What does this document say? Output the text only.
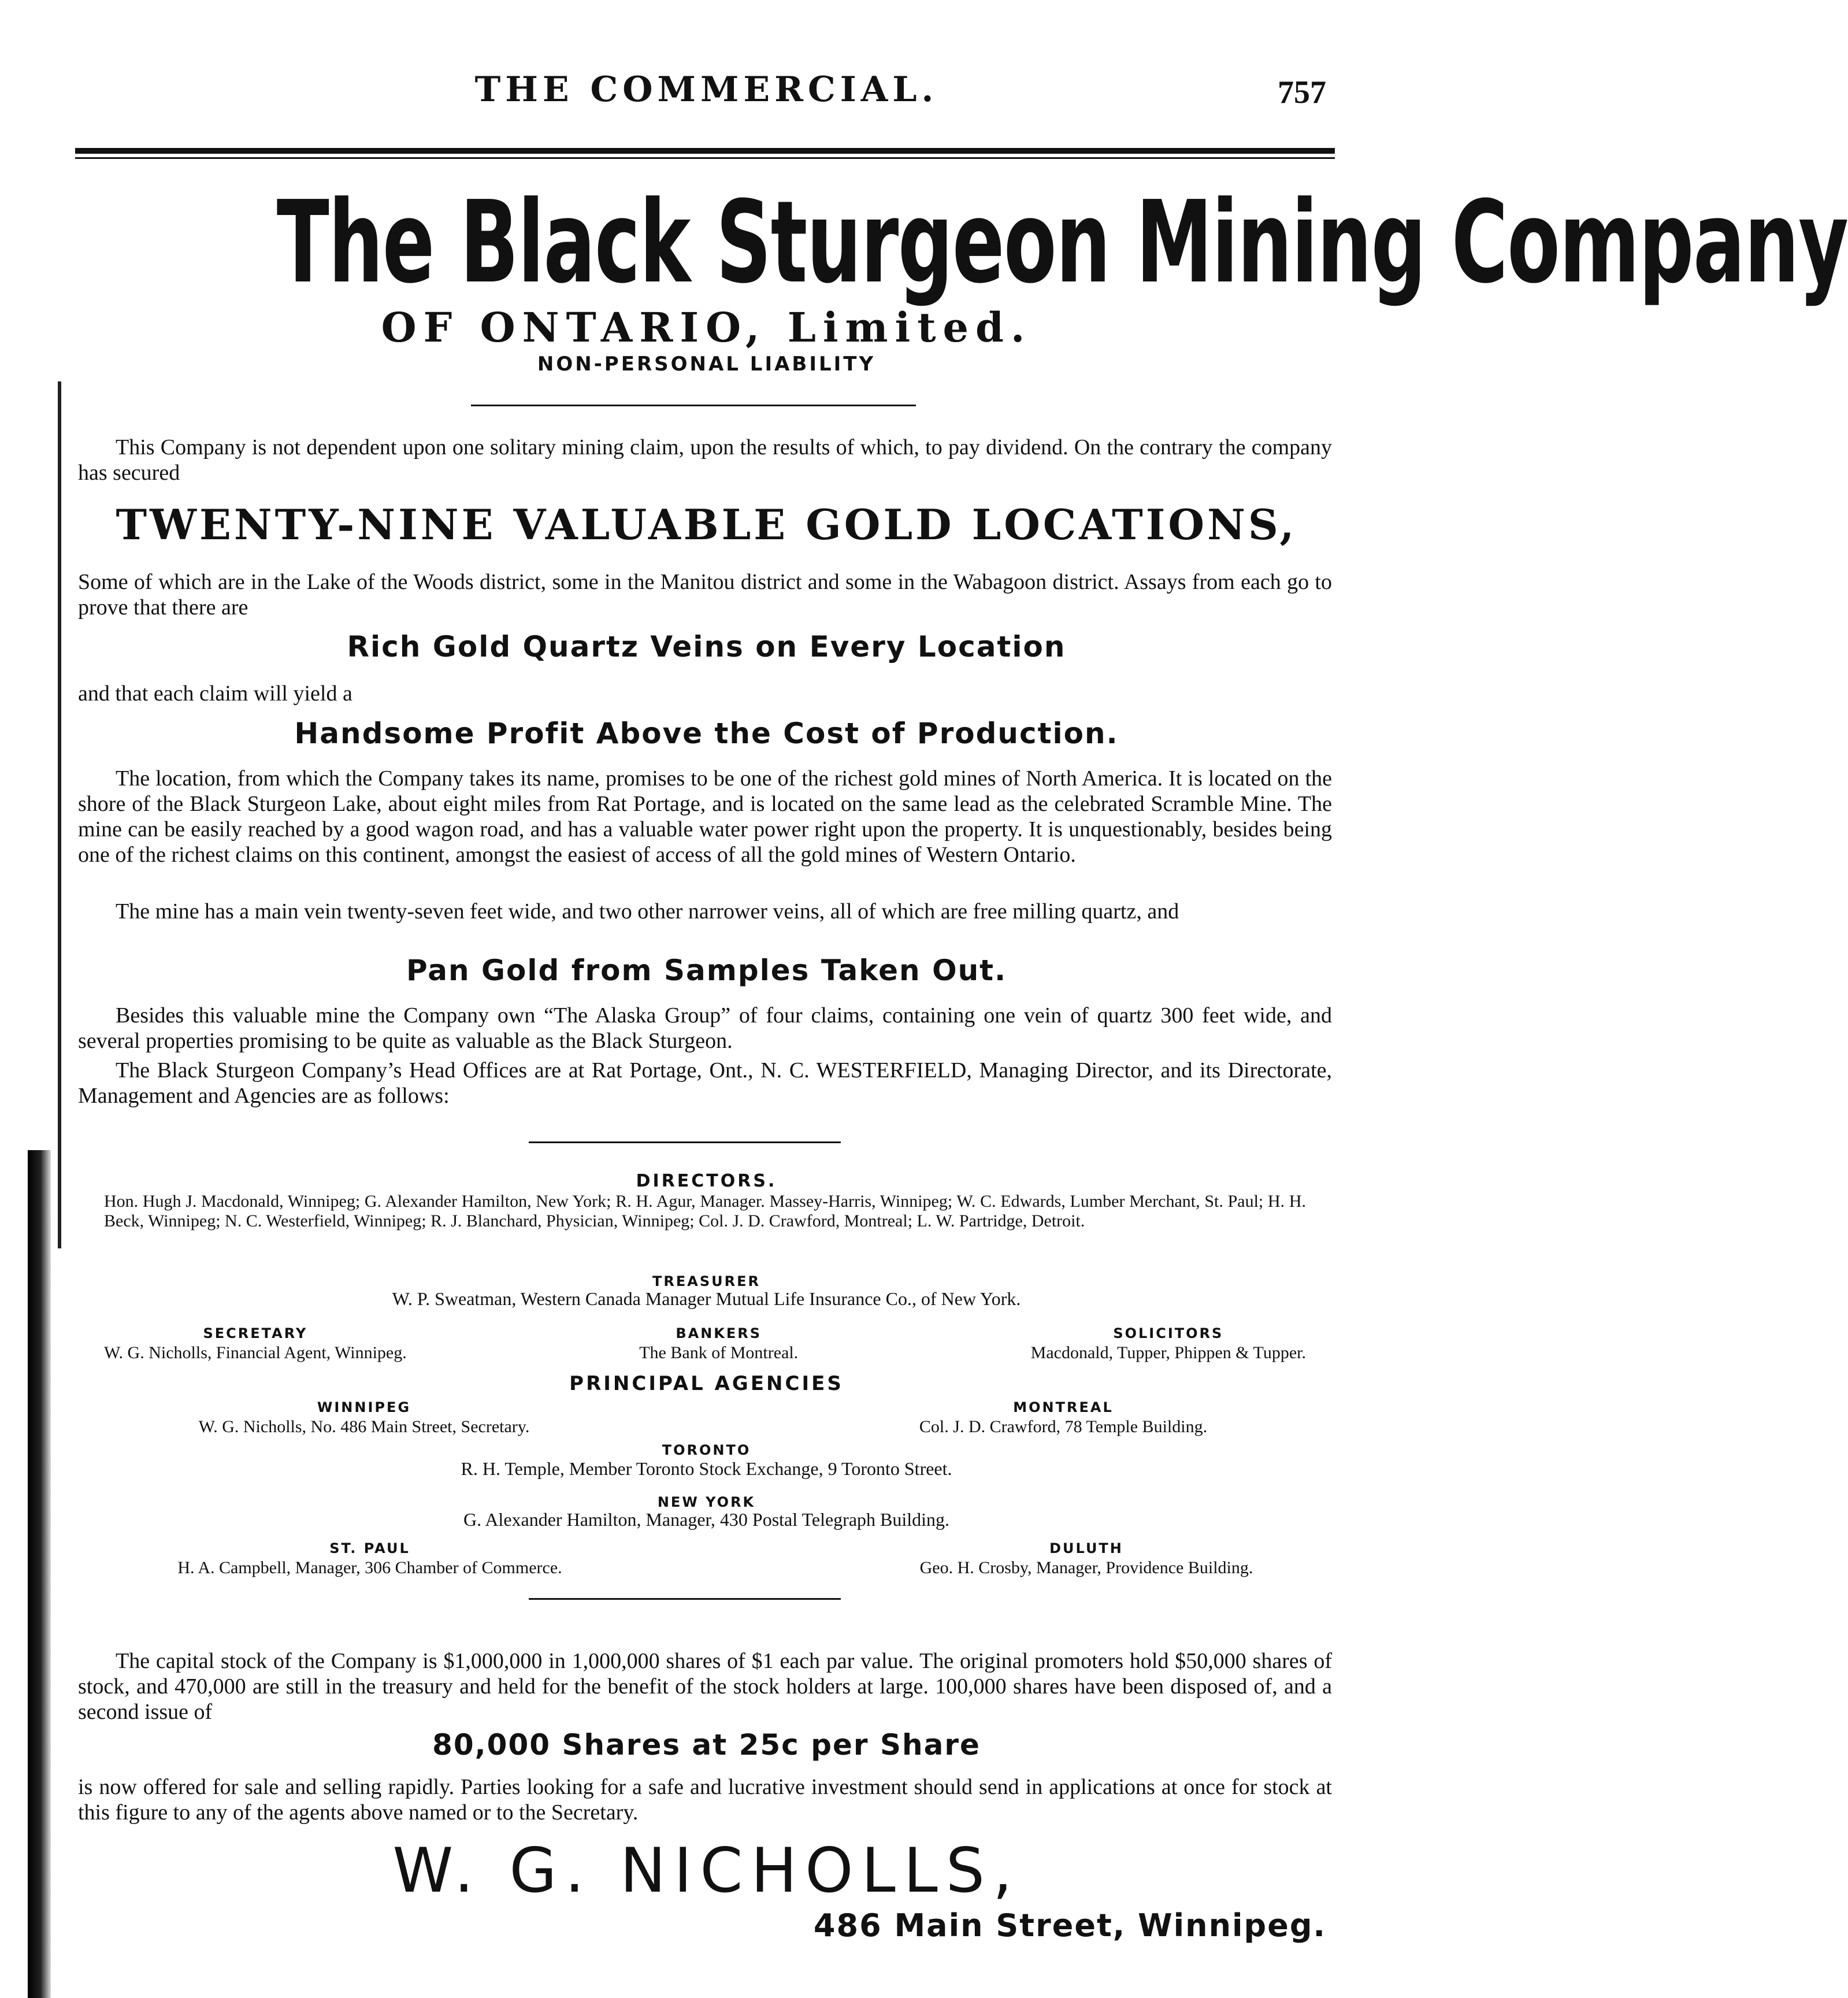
THE COMMERCIAL.	757
The Black Sturgeon Mining Company
OF ONTARIO, Limited.
NON-PERSONAL LIABILITY
This Company is not dependent upon one solitary mining claim, upon the results of which, to pay dividend. On the contrary the company has secured
TWENTY-NINE VALUABLE GOLD LOCATIONS,
Some of which are in the Lake of the Woods district, some in the Manitou district and some in the Wabagoon district. Assays from each go to prove that there are
Rich Gold Quartz Veins on Every Location
and that each claim will yield a
Handsome Profit Above the Cost of Production.
The location, from which the Company takes its name, promises to be one of the richest gold mines of North America. It is located on the shore of the Black Sturgeon Lake, about eight miles from Rat Portage, and is located on the same lead as the celebrated Scramble Mine. The mine can be easily reached by a good wagon road, and has a valuable water power right upon the property. It is unquestionably, besides being one of the richest claims on this continent, amongst the easiest of access of all the gold mines of Western Ontario.
The mine has a main vein twenty-seven feet wide, and two other narrower veins, all of which are free milling quartz, and
Pan Gold from Samples Taken Out.
Besides this valuable mine the Company own “The Alaska Group” of four claims, containing one vein of quartz 300 feet wide, and several properties promising to be quite as valuable as the Black Sturgeon.
The Black Sturgeon Company’s Head Offices are at Rat Portage, Ont., N. C. WESTERFIELD, Managing Director, and its Directorate, Management and Agencies are as follows:
DIRECTORS.
Hon. Hugh J. Macdonald, Winnipeg; G. Alexander Hamilton, New York; R. H. Agur, Manager. Massey-Harris, Winnipeg; W. C. Edwards, Lumber Merchant, St. Paul; H. H. Beck, Winnipeg; N. C. Westerfield, Winnipeg; R. J. Blanchard, Physician, Winnipeg; Col. J. D. Crawford, Montreal; L. W. Partridge, Detroit.
TREASURER
W. P. Sweatman, Western Canada Manager Mutual Life Insurance Co., of New York.
SECRETARY
W. G. Nicholls, Financial Agent, Winnipeg.
BANKERS
The Bank of Montreal.
SOLICITORS
Macdonald, Tupper, Phippen & Tupper.
PRINCIPAL AGENCIES
WINNIPEG
W. G. Nicholls, No. 486 Main Street, Secretary.
MONTREAL
Col. J. D. Crawford, 78 Temple Building.
TORONTO
R. H. Temple, Member Toronto Stock Exchange, 9 Toronto Street.
NEW YORK
G. Alexander Hamilton, Manager, 430 Postal Telegraph Building.
ST. PAUL
H. A. Campbell, Manager, 306 Chamber of Commerce.
DULUTH
Geo. H. Crosby, Manager, Providence Building.
The capital stock of the Company is $1,000,000 in 1,000,000 shares of $1 each par value. The original promoters hold $50,000 shares of stock, and 470,000 are still in the treasury and held for the benefit of the stock holders at large. 100,000 shares have been disposed of, and a second issue of
80,000 Shares at 25c per Share
is now offered for sale and selling rapidly. Parties looking for a safe and lucrative investment should send in applications at once for stock at this figure to any of the agents above named or to the Secretary.
W. G. NICHOLLS,
486 Main Street, Winnipeg.
